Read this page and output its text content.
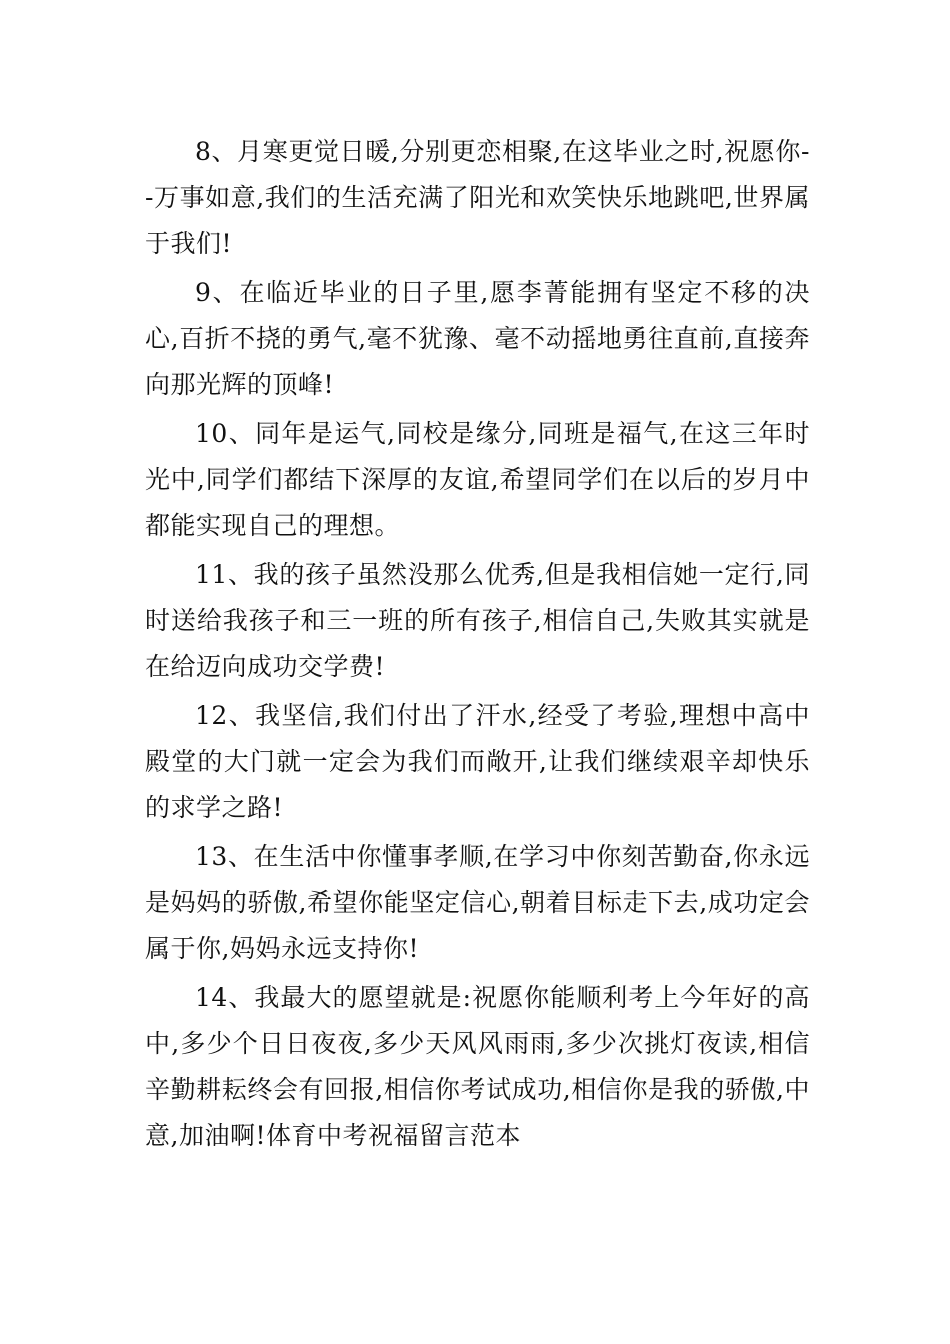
8、月寒更觉日暖,分别更恋相聚,在这毕业之时,祝愿你--万事如意,我们的生活充满了阳光和欢笑快乐地跳吧,世界属于我们!

9、在临近毕业的日子里,愿李菁能拥有坚定不移的决心,百折不挠的勇气,毫不犹豫、毫不动摇地勇往直前,直接奔向那光辉的顶峰!

10、同年是运气,同校是缘分,同班是福气,在这三年时光中,同学们都结下深厚的友谊,希望同学们在以后的岁月中都能实现自己的理想。

11、我的孩子虽然没那么优秀,但是我相信她一定行,同时送给我孩子和三一班的所有孩子,相信自己,失败其实就是在给迈向成功交学费!

12、我坚信,我们付出了汗水,经受了考验,理想中高中殿堂的大门就一定会为我们而敞开,让我们继续艰辛却快乐的求学之路!

13、在生活中你懂事孝顺,在学习中你刻苦勤奋,你永远是妈妈的骄傲,希望你能坚定信心,朝着目标走下去,成功定会属于你,妈妈永远支持你!

14、我最大的愿望就是:祝愿你能顺利考上今年好的高中,多少个日日夜夜,多少天风风雨雨,多少次挑灯夜读,相信辛勤耕耘终会有回报,相信你考试成功,相信你是我的骄傲,中意,加油啊!体育中考祝福留言范本
